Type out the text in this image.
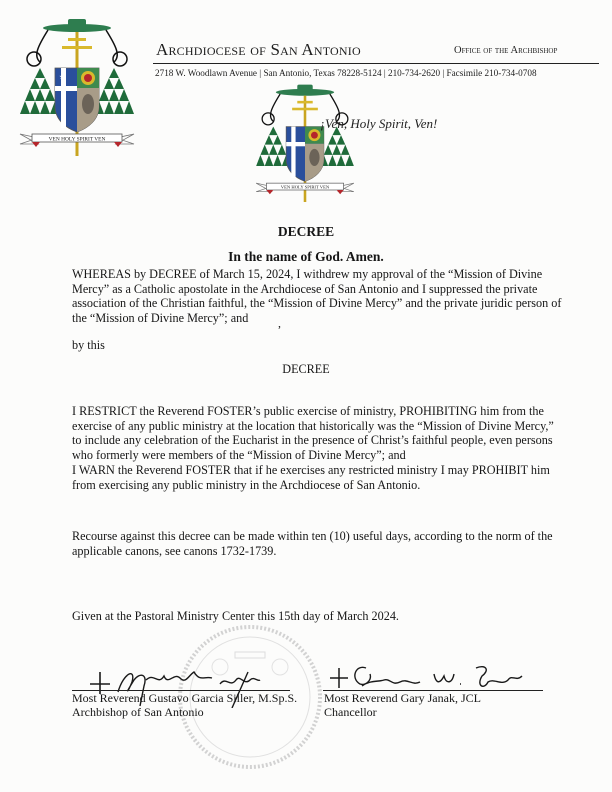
★
VEN HOLY SPIRIT VEN
Archdiocese of San Antonio	Office of the Archbishop
2718 W. Woodlawn Avenue | San Antonio, Texas 78228-5124 | 210-734-2620 | Facsimile 210-734-0708
VEN HOLY SPIRIT VEN
¡Ven, Holy Spirit, Ven!
DECREE
In the name of God. Amen.
WHEREAS by DECREE of March 15, 2024, I withdrew my approval of the “Mission of Divine Mercy” as a Catholic apostolate in the Archdiocese of San Antonio and I suppressed the private association of the Christian faithful, the “Mission of Divine Mercy” and the private juridic person of the “Mission of Divine Mercy”; and	,
by this
DECREE
I RESTRICT the Reverend FOSTER’s public exercise of ministry, PROHIBITING him from the exercise of any public ministry at the location that historically was the “Mission of Divine Mercy,” to include any celebration of the Eucharist in the presence of Christ’s faithful people, even persons who formerly were members of the “Mission of Divine Mercy”; and
I WARN the Reverend FOSTER that if he exercises any restricted ministry I may PROHIBIT him from exercising any public ministry in the Archdiocese of San Antonio.
Recourse against this decree can be made within ten (10) useful days, according to the norm of the applicable canons, see canons 1732-1739.
Given at the Pastoral Ministry Center this 15th day of March 2024.
Most Reverend Gustavo Garcia Siller, M.Sp.S.
Archbishop of San Antonio
Most Reverend Gary Janak, JCL
Chancellor
